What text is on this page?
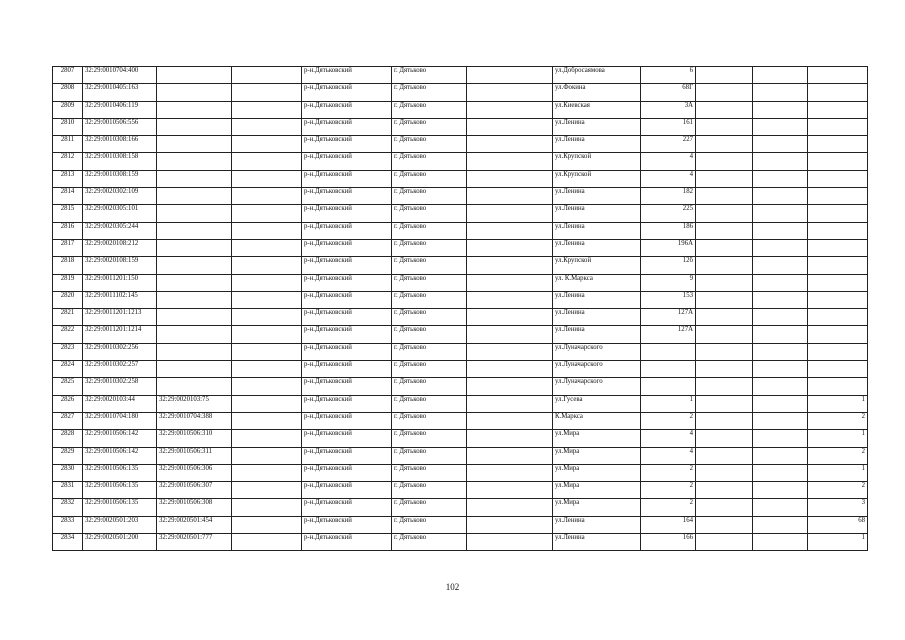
2807	32:29:0010704:400			р-н.Дятьковский	г. Дятьково		ул.Добросаямова	6			
2808	32:29:0010405:163			р-н.Дятьковский	г. Дятьково		ул.Фокина	68Г			
2809	32:29:0010406:119			р-н.Дятьковский	г. Дятьково		ул.Киевская	3А			
2810	32:29:0010506:556			р-н.Дятьковский	г. Дятьково		ул.Ленина	161			
2811	32:29:0010308:166			р-н.Дятьковский	г. Дятьково		ул.Ленина	227			
2812	32:29:0010308:158			р-н.Дятьковский	г. Дятьково		ул.Крупской	4			
2813	32:29:0010308:159			р-н.Дятьковский	г. Дятьково		ул.Крупской	4			
2814	32:29:0020302:109			р-н.Дятьковский	г. Дятьково		ул.Ленина	182			
2815	32:29:0020305:101			р-н.Дятьковский	г. Дятьково		ул.Ленина	225			
2816	32:29:0020305:244			р-н.Дятьковский	г. Дятьково		ул.Ленина	186			
2817	32:29:0020108:212			р-н.Дятьковский	г. Дятьково		ул.Ленина	196А			
2818	32:29:0020108:159			р-н.Дятьковский	г. Дятьково		ул.Крупской	12б			
2819	32:29:0011201:150			р-н.Дятьковский	г. Дятьково		ул. К.Маркса	9			
2820	32:29:0011102:145			р-н.Дятьковский	г. Дятьково		ул.Ленина	153			
2821	32:29:0011201:1213			р-н.Дятьковский	г. Дятьково		ул.Ленина	127А			
2822	32:29:0011201:1214			р-н.Дятьковский	г. Дятьково		ул.Ленина	127А			
2823	32:29:0010302:256			р-н.Дятьковский	г. Дятьково		ул.Луначарского				
2824	32:29:0010302:257			р-н.Дятьковский	г. Дятьково		ул.Луначарского				
2825	32:29:0010302:258			р-н.Дятьковский	г. Дятьково		ул.Луначарского				
2826	32:29:0020103:44	32:29:0020103:75		р-н.Дятьковский	г. Дятьково		ул.Гусева	1			1
2827	32:29:0010704:180	32:29:0010704:388		р-н.Дятьковский	г. Дятьково		К.Маркса	2			2
2828	32:29:0010506:142	32:29:0010506:310		р-н.Дятьковский	г. Дятьково		ул.Мира	4			1
2829	32:29:0010506:142	32:29:0010506:311		р-н.Дятьковский	г. Дятьково		ул.Мира	4			2
2830	32:29:0010506:135	32:29:0010506:306		р-н.Дятьковский	г. Дятьково		ул.Мира	2			1
2831	32:29:0010506:135	32:29:0010506:307		р-н.Дятьковский	г. Дятьково		ул.Мира	2			2
2832	32:29:0010506:135	32:29:0010506:308		р-н.Дятьковский	г. Дятьково		ул.Мира	2			3
2833	32:29:0020501:203	32:29:0020501:454		р-н.Дятьковский	г. Дятьково		ул.Ленина	164			68
2834	32:29:0020501:200	32:29:0020501:777		р-н.Дятьковский	г. Дятьково		ул.Ленина	166			1
102
